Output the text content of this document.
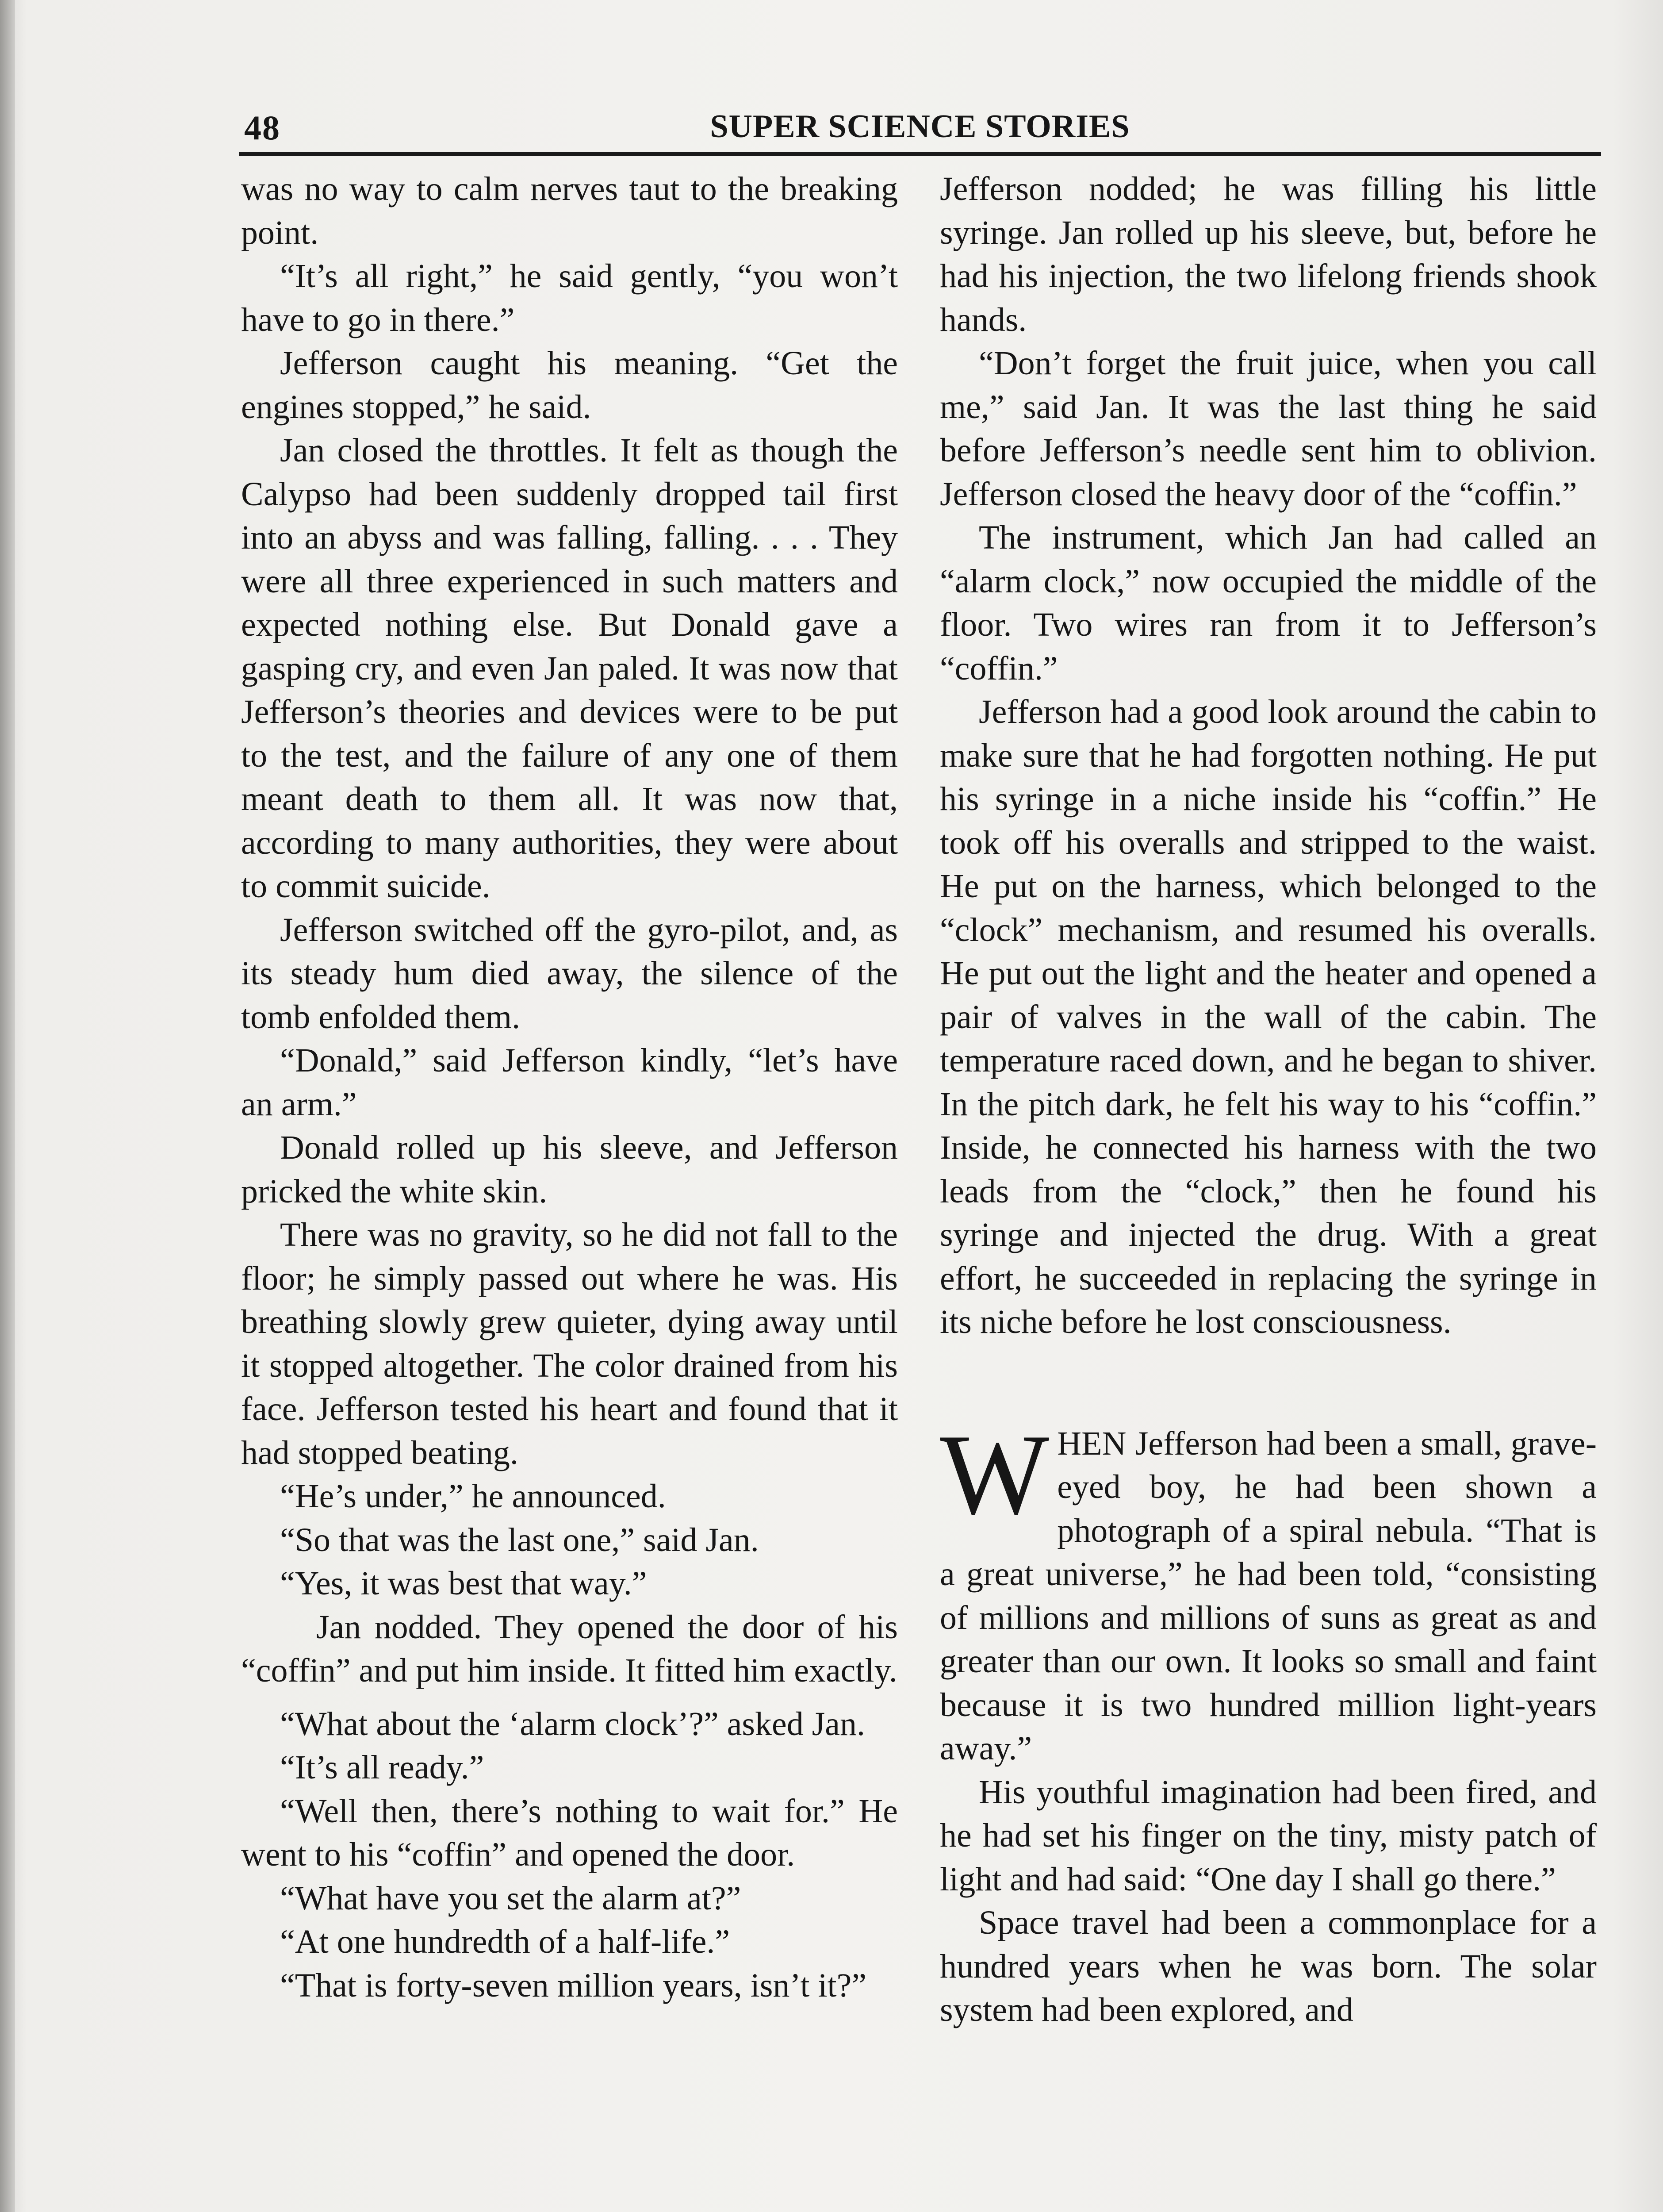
48	SUPER SCIENCE STORIES

was no way to calm nerves taut to the breaking point.

“It’s all right,” he said gently, “you won’t have to go in there.”

Jefferson caught his meaning. “Get the engines stopped,” he said.

Jan closed the throttles. It felt as though the Calypso had been suddenly dropped tail first into an abyss and was falling, falling. . . . They were all three experienced in such matters and expected nothing else. But Donald gave a gasping cry, and even Jan paled. It was now that Jefferson’s theories and devices were to be put to the test, and the failure of any one of them meant death to them all. It was now that, according to many authorities, they were about to commit suicide.

Jefferson switched off the gyro-pilot, and, as its steady hum died away, the silence of the tomb enfolded them.

“Donald,” said Jefferson kindly, “let’s have an arm.”

Donald rolled up his sleeve, and Jefferson pricked the white skin.

There was no gravity, so he did not fall to the floor; he simply passed out where he was. His breathing slowly grew quieter, dying away until it stopped altogether. The color drained from his face. Jefferson tested his heart and found that it had stopped beating.

“He’s under,” he announced.

“So that was the last one,” said Jan.

“Yes, it was best that way.”

Jan nodded. They opened the door of his “coffin” and put him inside. It fitted him exactly.

“What about the ‘alarm clock’?” asked Jan.

“It’s all ready.”

“Well then, there’s nothing to wait for.” He went to his “coffin” and opened the door.

“What have you set the alarm at?”

“At one hundredth of a half-life.”

“That is forty-seven million years, isn’t it?”

Jefferson nodded; he was filling his little syringe. Jan rolled up his sleeve, but, before he had his injection, the two lifelong friends shook hands.

“Don’t forget the fruit juice, when you call me,” said Jan. It was the last thing he said before Jefferson’s needle sent him to oblivion. Jefferson closed the heavy door of the “coffin.”

The instrument, which Jan had called an “alarm clock,” now occupied the middle of the floor. Two wires ran from it to Jefferson’s “coffin.”

Jefferson had a good look around the cabin to make sure that he had forgotten nothing. He put his syringe in a niche inside his “coffin.” He took off his overalls and stripped to the waist. He put on the harness, which belonged to the “clock” mechanism, and resumed his overalls. He put out the light and the heater and opened a pair of valves in the wall of the cabin. The temperature raced down, and he began to shiver. In the pitch dark, he felt his way to his “coffin.” Inside, he connected his harness with the two leads from the “clock,” then he found his syringe and injected the drug. With a great effort, he succeeded in replacing the syringe in its niche before he lost consciousness.

WHEN Jefferson had been a small, grave-eyed boy, he had been shown a photograph of a spiral nebula. “That is a great universe,” he had been told, “consisting of millions and millions of suns as great as and greater than our own. It looks so small and faint because it is two hundred million light-years away.”

His youthful imagination had been fired, and he had set his finger on the tiny, misty patch of light and had said: “One day I shall go there.”

Space travel had been a commonplace for a hundred years when he was born. The solar system had been explored, and
